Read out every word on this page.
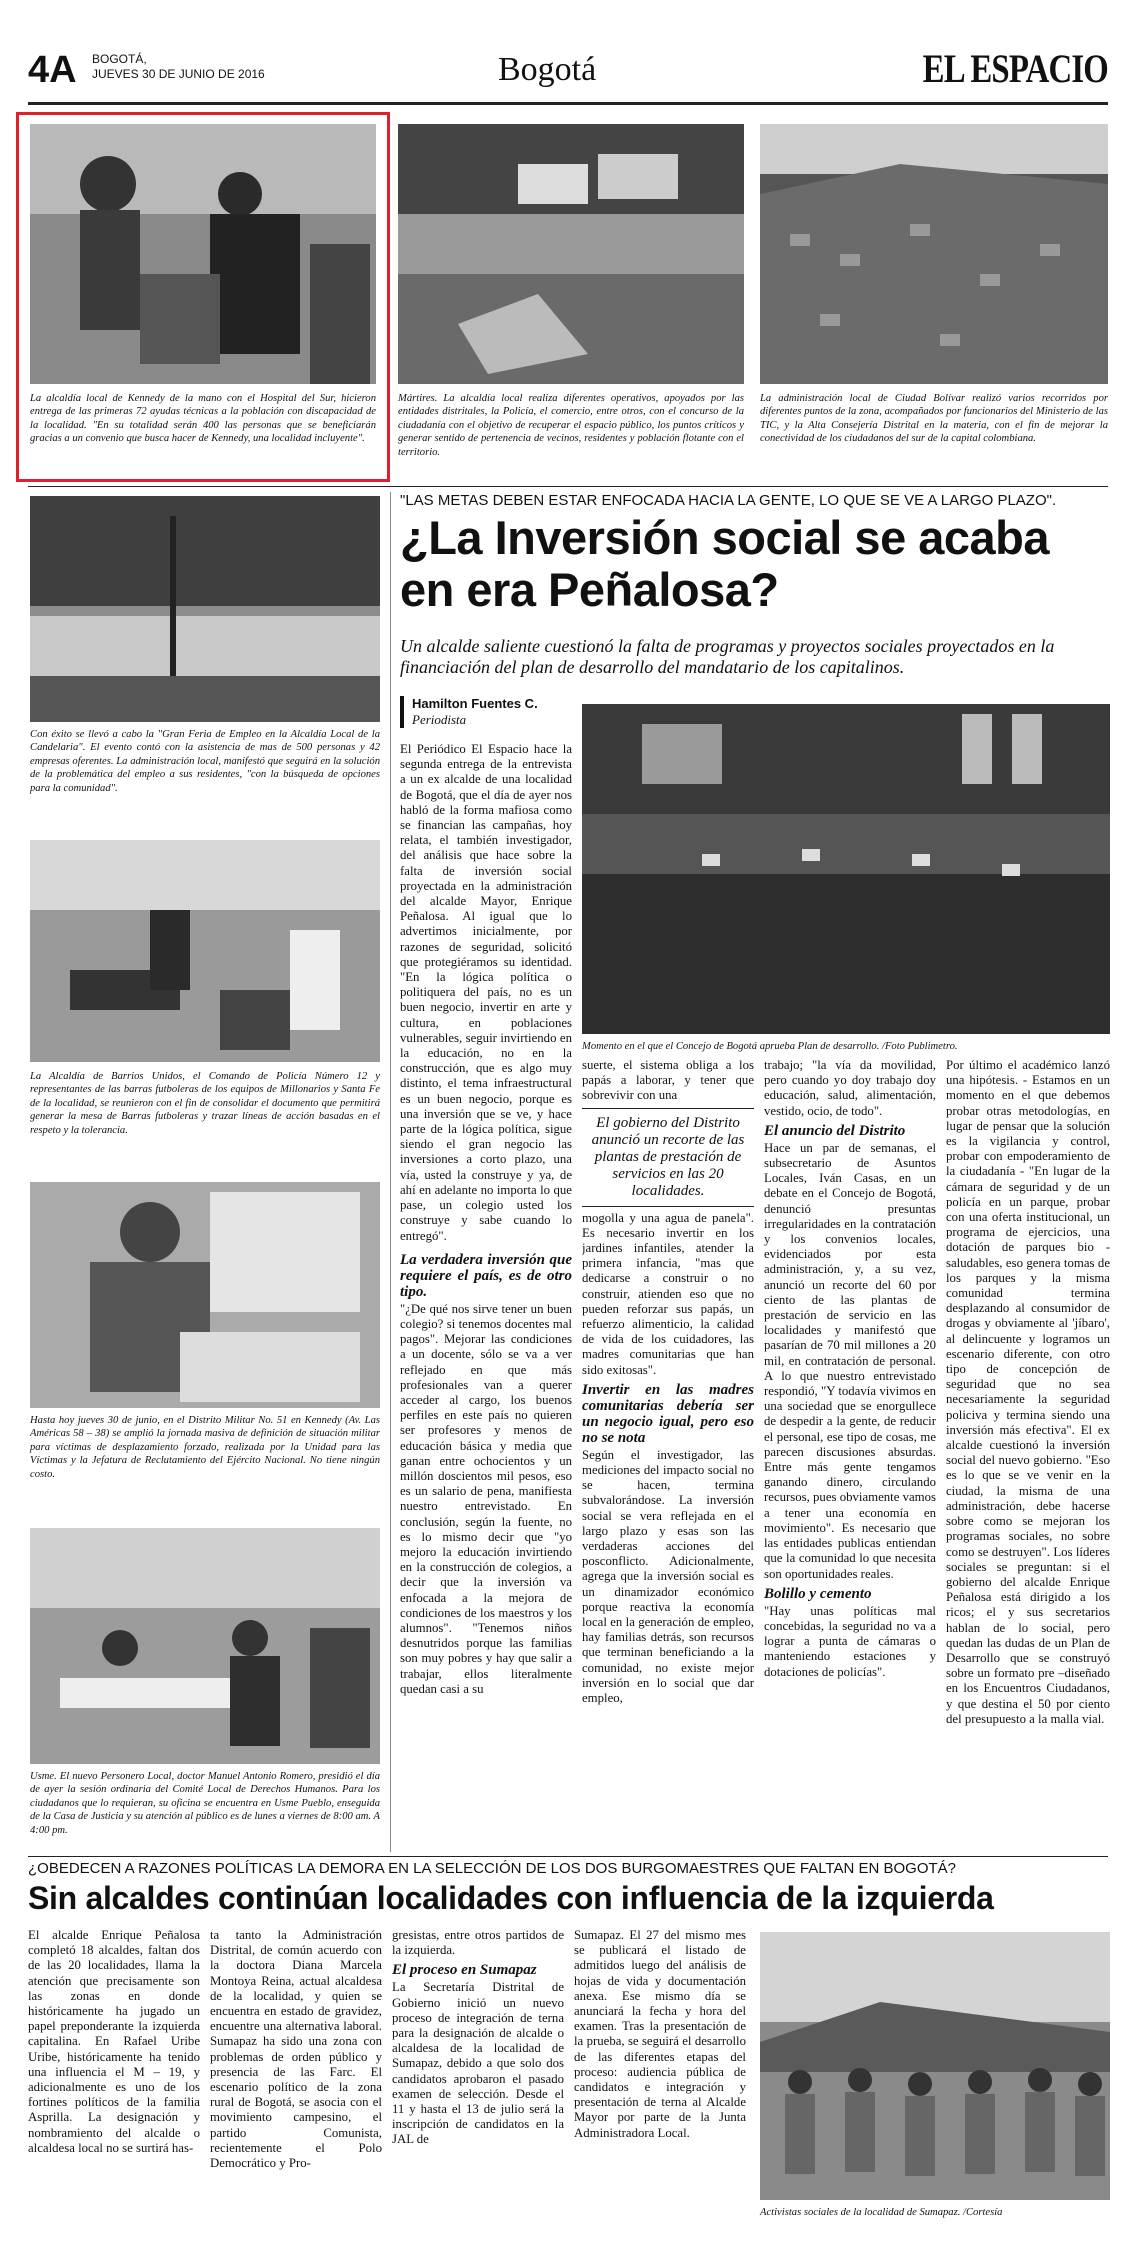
4A BOGOTÁ,
JUEVES 30 DE JUNIO DE 2016	Bogotá	EL ESPACIO
La alcaldía local de Kennedy de la mano con el Hospital del Sur, hicieron entrega de las primeras 72 ayudas técnicas a la población con discapacidad de la localidad. "En su totalidad serán 400 las personas que se beneficiarán gracias a un convenio que busca hacer de Kennedy, una localidad incluyente".
Mártires. La alcaldía local realiza diferentes operativos, apoyados por las entidades distritales, la Policía, el comercio, entre otros, con el concurso de la ciudadanía con el objetivo de recuperar el espacio público, los puntos críticos y generar sentido de pertenencia de vecinos, residentes y población flotante con el territorio.
La administración local de Ciudad Bolívar realizó varios recorridos por diferentes puntos de la zona, acompañados por funcionarios del Ministerio de las TIC, y la Alta Consejería Distrital en la materia, con el fin de mejorar la conectividad de los ciudadanos del sur de la capital colombiana.
Con éxito se llevó a cabo la "Gran Feria de Empleo en la Alcaldía Local de la Candelaria". El evento contó con la asistencia de mas de 500 personas y 42 empresas oferentes. La administración local, manifestó que seguirá en la solución de la problemática del empleo a sus residentes, "con la búsqueda de opciones para la comunidad".
La Alcaldía de Barrios Unidos, el Comando de Policía Número 12 y representantes de las barras futboleras de los equipos de Millonarios y Santa Fe de la localidad, se reunieron con el fin de consolidar el documento que permitirá generar la mesa de Barras futboleras y trazar líneas de acción basadas en el respeto y la tolerancia.
Hasta hoy jueves 30 de junio, en el Distrito Militar No. 51 en Kennedy (Av. Las Américas 58 – 38) se amplió la jornada masiva de definición de situación militar para víctimas de desplazamiento forzado, realizada por la Unidad para las Víctimas y la Jefatura de Reclutamiento del Ejército Nacional. No tiene ningún costo.
Usme. El nuevo Personero Local, doctor Manuel Antonio Romero, presidió el día de ayer la sesión ordinaria del Comité Local de Derechos Humanos. Para los ciudadanos que lo requieran, su oficina se encuentra en Usme Pueblo, enseguida de la Casa de Justicia y su atención al público es de lunes a viernes de 8:00 am. A 4:00 pm.
"LAS METAS DEBEN ESTAR ENFOCADA HACIA LA GENTE, LO QUE SE VE A LARGO PLAZO".
¿La Inversión social se acaba en era Peñalosa?
Un alcalde saliente cuestionó la falta de programas y proyectos sociales proyectados en la financiación del plan de desarrollo del mandatario de los capitalinos.
Hamilton Fuentes C.
Periodista
Momento en el que el Concejo de Bogotá aprueba Plan de desarrollo. /Foto Publimetro.

El Periódico El Espacio hace la segunda entrega de la entrevista a un ex alcalde de una localidad de Bogotá, que el día de ayer nos habló de la forma mafiosa como se financian las campañas, hoy relata, el también investigador, del análisis que hace sobre la falta de inversión social proyectada en la administración del alcalde Mayor, Enrique Peñalosa. Al igual que lo advertimos inicialmente, por razones de seguridad, solicitó que protegiéramos su identidad. "En la lógica política o politiquera del país, no es un buen negocio, invertir en arte y cultura, en poblaciones vulnerables, seguir invirtiendo en la educación, no en la construcción, que es algo muy distinto, el tema infraestructural es un buen negocio, porque es una inversión que se ve, y hace parte de la lógica política, sigue siendo el gran negocio las inversiones a corto plazo, una vía, usted la construye y ya, de ahí en adelante no importa lo que pase, un colegio usted los construye y sabe cuando lo entregó".

La verdadera inversión que requiere el país, es de otro tipo.

"¿De qué nos sirve tener un buen colegio? si tenemos docentes mal pagos". Mejorar las condiciones a un docente, sólo se va a ver reflejado en que más profesionales van a querer acceder al cargo, los buenos perfiles en este país no quieren ser profesores y menos de educación básica y media que ganan entre ochocientos y un millón doscientos mil pesos, eso es un salario de pena, manifiesta nuestro entrevistado. En conclusión, según la fuente, no es lo mismo decir que "yo mejoro la educación invirtiendo en la construcción de colegios, a decir que la inversión va enfocada a la mejora de condiciones de los maestros y los alumnos". "Tenemos niños desnutridos porque las familias son muy pobres y hay que salir a trabajar, ellos literalmente quedan casi a su

suerte, el sistema obliga a los papás a laborar, y tener que sobrevivir con una

El gobierno del Distrito anunció un recorte de las plantas de prestación de servicios en las 20 localidades.

mogolla y una agua de panela". Es necesario invertir en los jardines infantiles, atender la primera infancia, "mas que dedicarse a construir o no construir, atienden eso que no pueden reforzar sus papás, un refuerzo alimenticio, la calidad de vida de los cuidadores, las madres comunitarias que han sido exitosas".

Invertir en las madres comunitarias debería ser un negocio igual, pero eso no se nota

Según el investigador, las mediciones del impacto social no se hacen, termina subvalorándose. La inversión social se vera reflejada en el largo plazo y esas son las verdaderas acciones del posconflicto. Adicionalmente, agrega que la inversión social es un dinamizador económico porque reactiva la economía local en la generación de empleo, hay familias detrás, son recursos que terminan beneficiando a la comunidad, no existe mejor inversión en lo social que dar empleo,

trabajo; "la vía da movilidad, pero cuando yo doy trabajo doy educación, salud, alimentación, vestido, ocio, de todo".

El anuncio del Distrito

Hace un par de semanas, el subsecretario de Asuntos Locales, Iván Casas, en un debate en el Concejo de Bogotá, denunció presuntas irregularidades en la contratación y los convenios locales, evidenciados por esta administración, y, a su vez, anunció un recorte del 60 por ciento de las plantas de prestación de servicio en las localidades y manifestó que pasarían de 70 mil millones a 20 mil, en contratación de personal. A lo que nuestro entrevistado respondió, "Y todavía vivimos en una sociedad que se enorgullece de despedir a la gente, de reducir el personal, ese tipo de cosas, me parecen discusiones absurdas. Entre más gente tengamos ganando dinero, circulando recursos, pues obviamente vamos a tener una economía en movimiento". Es necesario que las entidades publicas entiendan que la comunidad lo que necesita son oportunidades reales.

Bolillo y cemento

"Hay unas políticas mal concebidas, la seguridad no va a lograr a punta de cámaras o manteniendo estaciones y dotaciones de policías".

Por último el académico lanzó una hipótesis. - Estamos en un momento en el que debemos probar otras metodologías, en lugar de pensar que la solución es la vigilancia y control, probar con empoderamiento de la ciudadanía - "En lugar de la cámara de seguridad y de un policía en un parque, probar con una oferta institucional, un programa de ejercicios, una dotación de parques bio - saludables, eso genera tomas de los parques y la misma comunidad termina desplazando al consumidor de drogas y obviamente al 'jíbaro', al delincuente y logramos un escenario diferente, con otro tipo de concepción de seguridad que no sea necesariamente la seguridad policiva y termina siendo una inversión más efectiva". El ex alcalde cuestionó la inversión social del nuevo gobierno. "Eso es lo que se ve venir en la ciudad, la misma de una administración, debe hacerse sobre como se mejoran los programas sociales, no sobre como se destruyen". Los líderes sociales se preguntan: si el gobierno del alcalde Enrique Peñalosa está dirigido a los ricos; el y sus secretarios hablan de lo social, pero quedan las dudas de un Plan de Desarrollo que se construyó sobre un formato pre –diseñado en los Encuentros Ciudadanos, y que destina el 50 por ciento del presupuesto a la malla vial.

¿OBEDECEN A RAZONES POLÍTICAS LA DEMORA EN LA SELECCIÓN DE LOS DOS BURGOMAESTRES QUE FALTAN EN BOGOTÁ?
Sin alcaldes continúan localidades con influencia de la izquierda

El alcalde Enrique Peñalosa completó 18 alcaldes, faltan dos de las 20 localidades, llama la atención que precisamente son las zonas en donde históricamente ha jugado un papel preponderante la izquierda capitalina. En Rafael Uribe Uribe, históricamente ha tenido una influencia el M – 19, y adicionalmente es uno de los fortines políticos de la familia Asprilla. La designación y nombramiento del alcalde o alcaldesa local no se surtirá has-

ta tanto la Administración Distrital, de común acuerdo con la doctora Diana Marcela Montoya Reina, actual alcaldesa de la localidad, y quien se encuentra en estado de gravidez, encuentre una alternativa laboral. Sumapaz ha sido una zona con problemas de orden público y presencia de las Farc. El escenario político de la zona rural de Bogotá, se asocia con el movimiento campesino, el partido Comunista, recientemente el Polo Democrático y Pro-

gresistas, entre otros partidos de la izquierda.

El proceso en Sumapaz

La Secretaría Distrital de Gobierno inició un nuevo proceso de integración de terna para la designación de alcalde o alcaldesa de la localidad de Sumapaz, debido a que solo dos candidatos aprobaron el pasado examen de selección. Desde el 11 y hasta el 13 de julio será la inscripción de candidatos en la JAL de

Sumapaz. El 27 del mismo mes se publicará el listado de admitidos luego del análisis de hojas de vida y documentación anexa. Ese mismo día se anunciará la fecha y hora del examen. Tras la presentación de la prueba, se seguirá el desarrollo de las diferentes etapas del proceso: audiencia pública de candidatos e integración y presentación de terna al Alcalde Mayor por parte de la Junta Administradora Local.

Activistas sociales de la localidad de Sumapaz. /Cortesía
